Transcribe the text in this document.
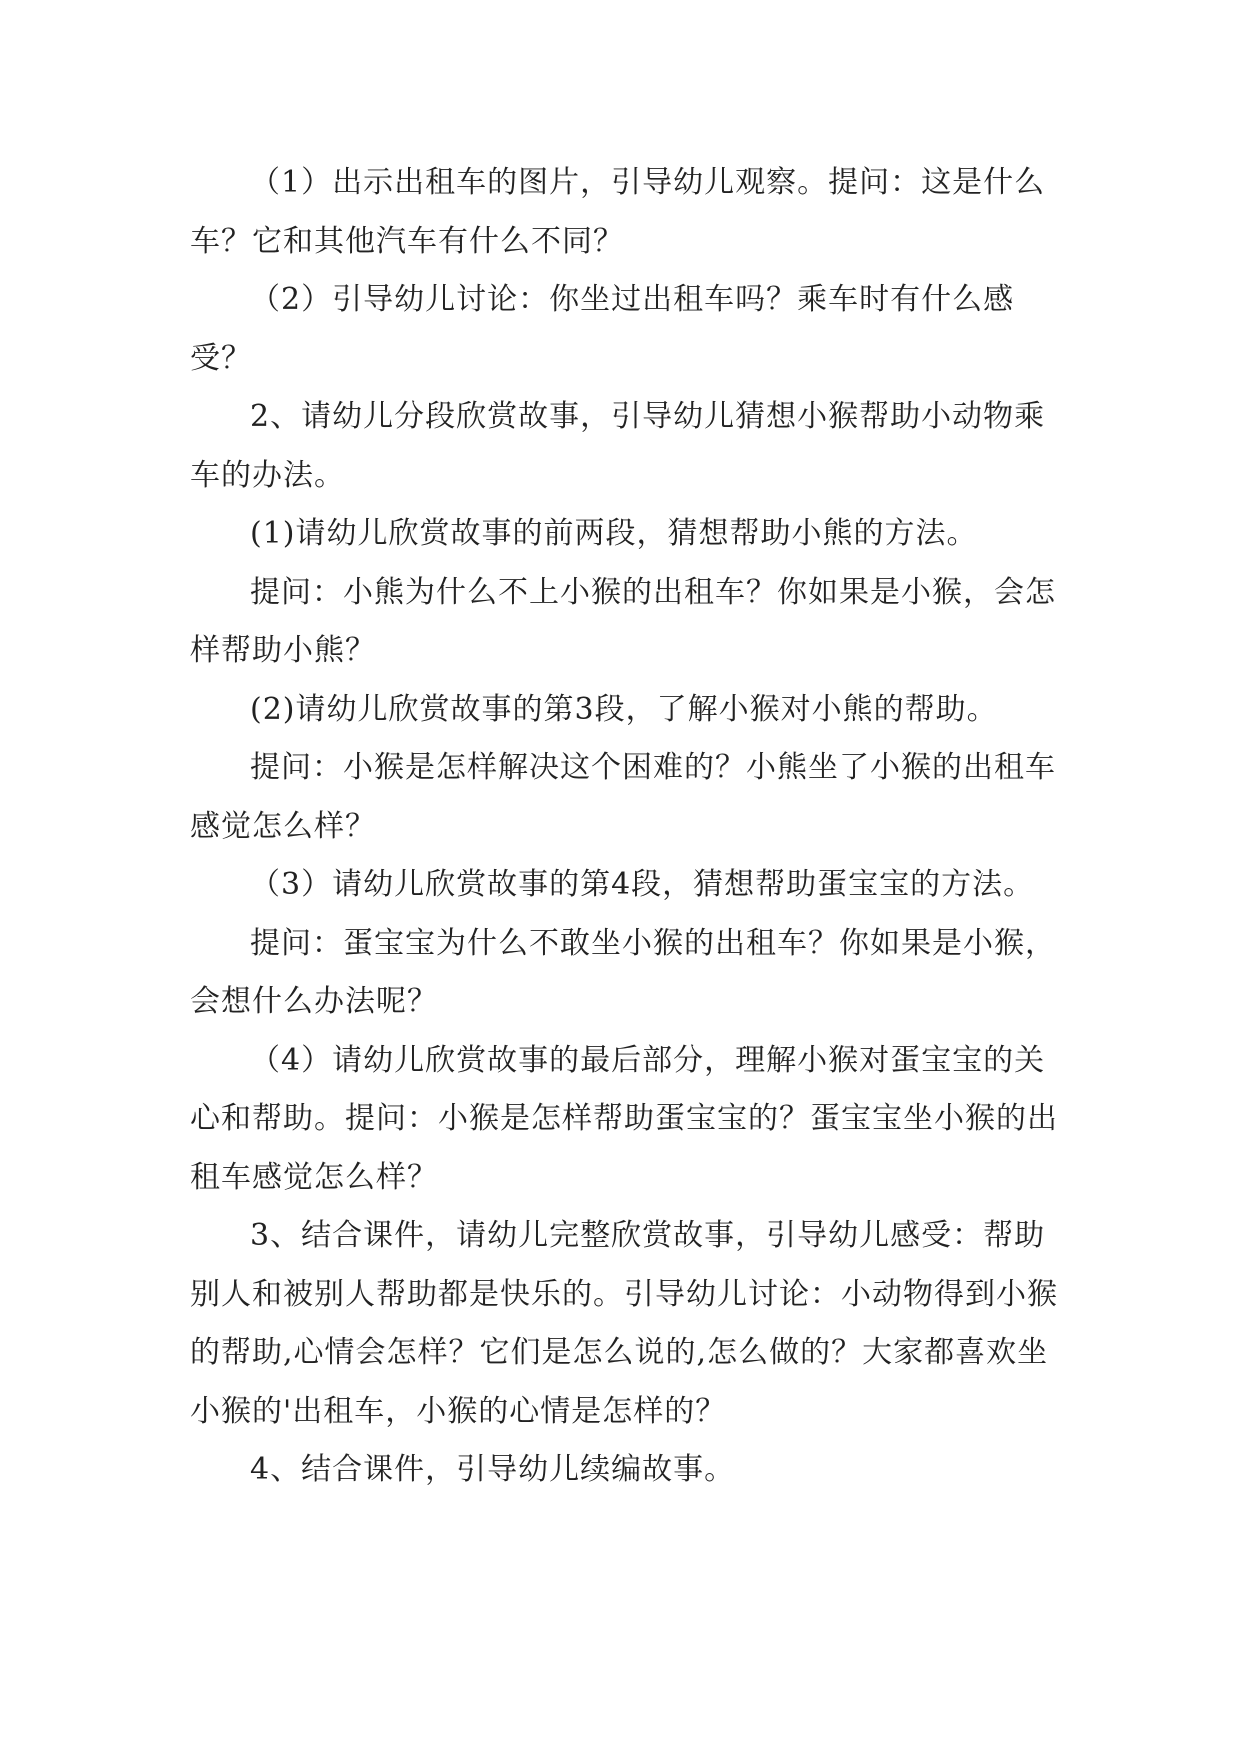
（1）出示出租车的图片，引导幼儿观察。提问：这是什么车？它和其他汽车有什么不同？

（2）引导幼儿讨论：你坐过出租车吗？乘车时有什么感受？

2、请幼儿分段欣赏故事，引导幼儿猜想小猴帮助小动物乘车的办法。

(1)请幼儿欣赏故事的前两段，猜想帮助小熊的方法。

提问：小熊为什么不上小猴的出租车？你如果是小猴，会怎样帮助小熊？

(2)请幼儿欣赏故事的第3段，了解小猴对小熊的帮助。

提问：小猴是怎样解决这个困难的？小熊坐了小猴的出租车感觉怎么样？

（3）请幼儿欣赏故事的第4段，猜想帮助蛋宝宝的方法。

提问：蛋宝宝为什么不敢坐小猴的出租车？你如果是小猴，会想什么办法呢？

（4）请幼儿欣赏故事的最后部分，理解小猴对蛋宝宝的关心和帮助。提问：小猴是怎样帮助蛋宝宝的？蛋宝宝坐小猴的出租车感觉怎么样？

3、结合课件，请幼儿完整欣赏故事，引导幼儿感受：帮助别人和被别人帮助都是快乐的。引导幼儿讨论：小动物得到小猴的帮助,心情会怎样？它们是怎么说的,怎么做的？大家都喜欢坐小猴的'出租车，小猴的心情是怎样的？

4、结合课件，引导幼儿续编故事。
